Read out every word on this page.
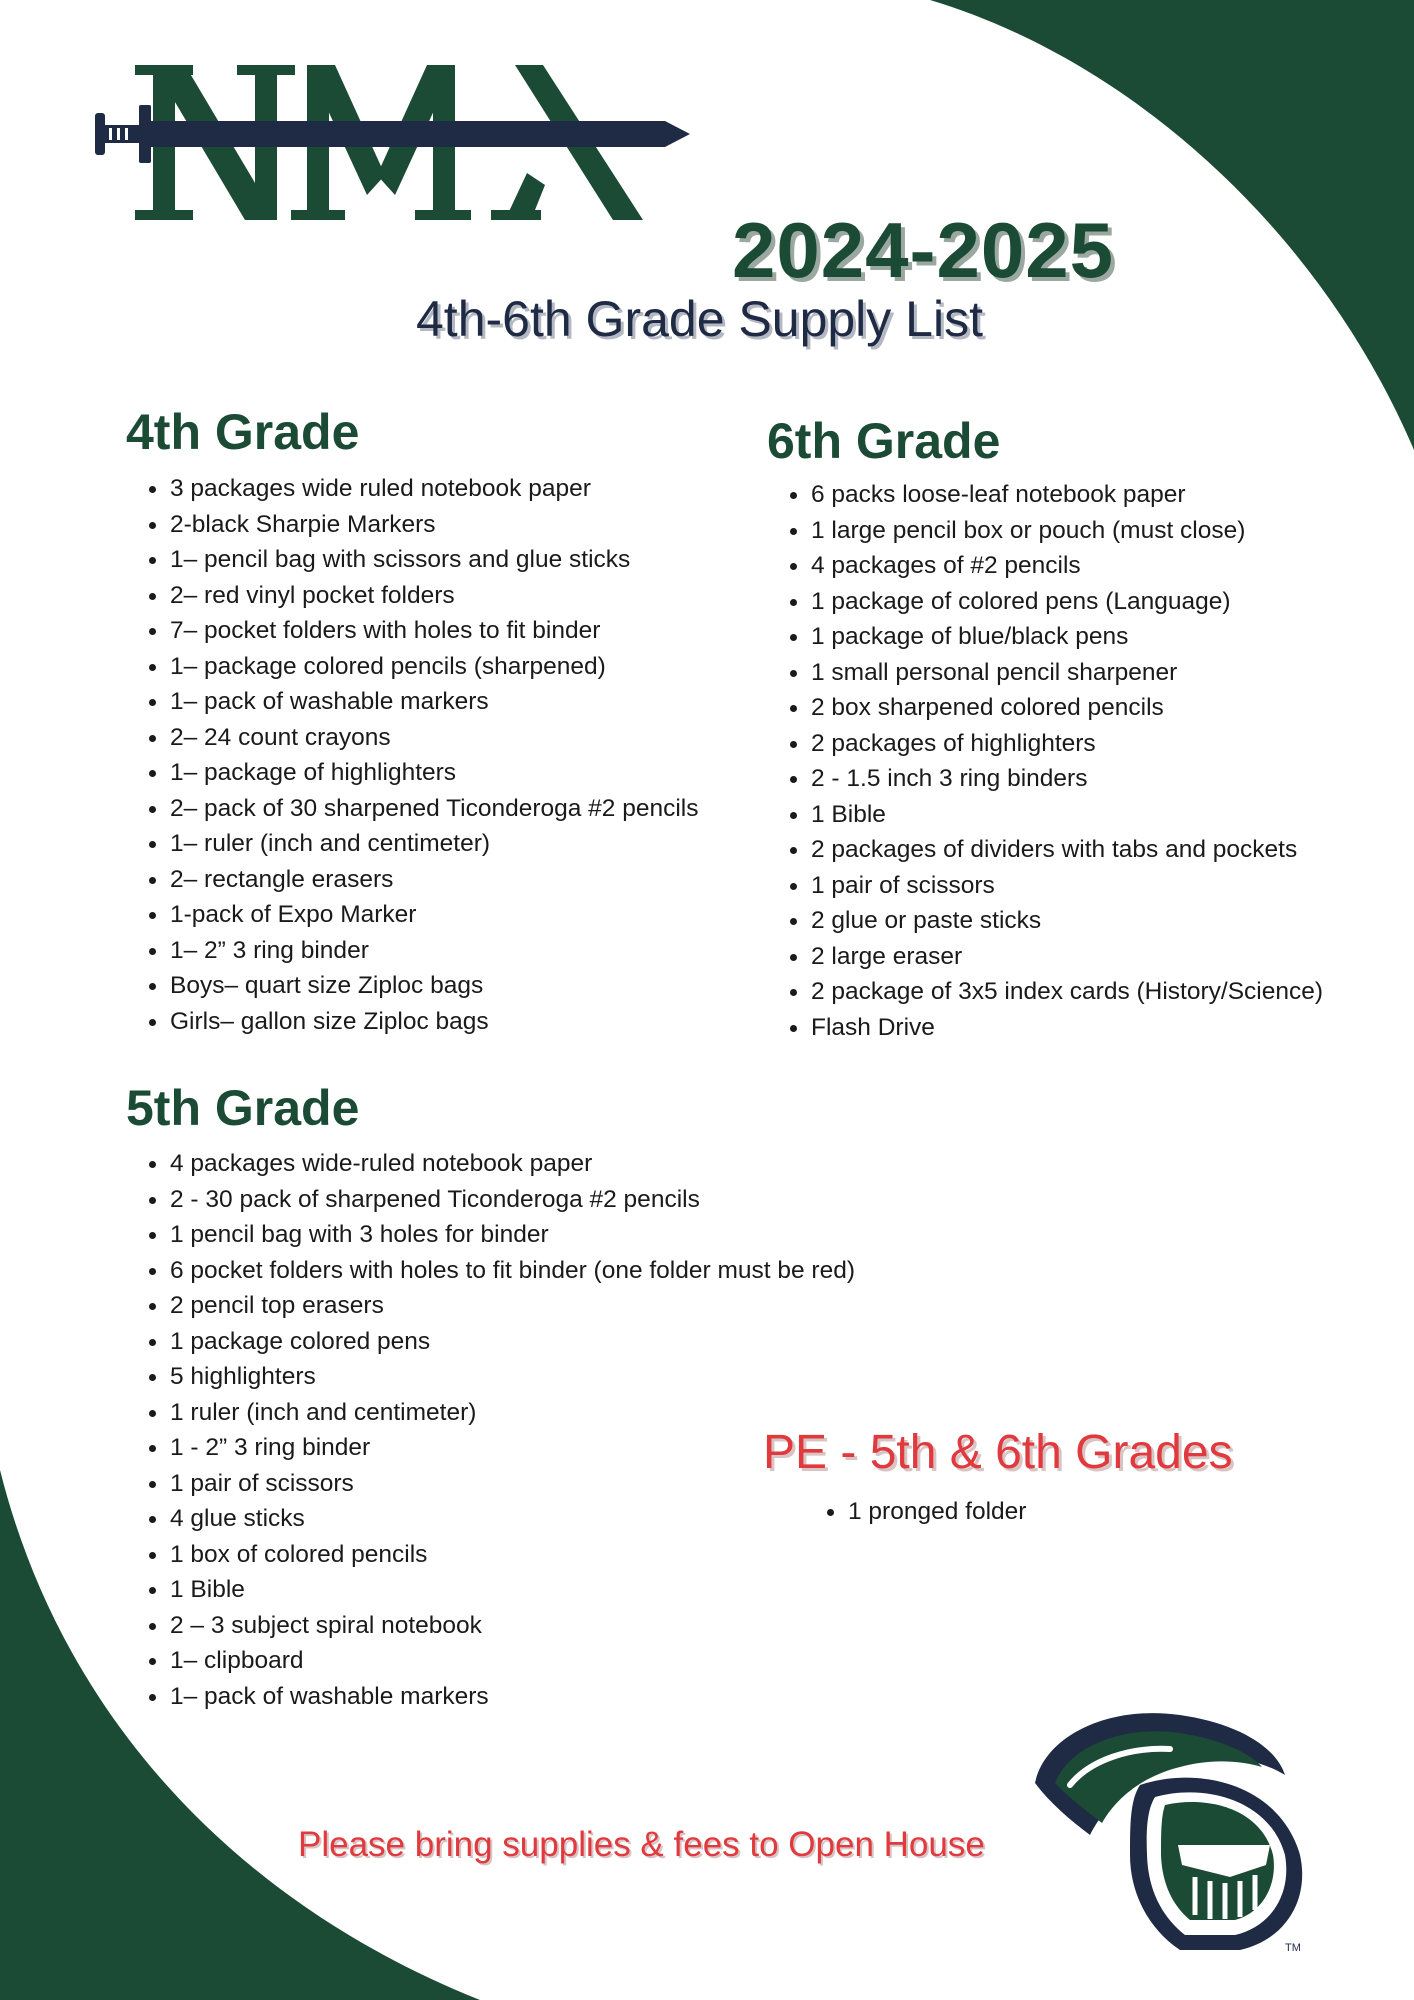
2024-2025
4th-6th Grade Supply List
4th Grade
3 packages wide ruled notebook paper
2-black Sharpie Markers
1– pencil bag with scissors and glue sticks
2– red vinyl pocket folders
7– pocket folders with holes to fit binder
1– package colored pencils (sharpened)
1– pack of washable markers
2– 24 count crayons
1– package of highlighters
2– pack of 30 sharpened Ticonderoga #2 pencils
1– ruler (inch and centimeter)
2– rectangle erasers
1-pack of Expo Marker
1– 2” 3 ring binder
Boys– quart size Ziploc bags
Girls– gallon size Ziploc bags
6th Grade
6 packs loose-leaf notebook paper
1 large pencil box or pouch (must close)
4 packages of #2 pencils
1 package of colored pens (Language)
1 package of blue/black pens
1 small personal pencil sharpener
2 box sharpened colored pencils
2 packages of highlighters
2 - 1.5 inch 3 ring binders
1 Bible
2 packages of dividers with tabs and pockets
1 pair of scissors
2 glue or paste sticks
2 large eraser
2 package of 3x5 index cards (History/Science)
Flash Drive
5th Grade
4 packages wide-ruled notebook paper
2 - 30 pack of sharpened Ticonderoga #2 pencils
1 pencil bag with 3 holes for binder
6 pocket folders with holes to fit binder (one folder must be red)
2 pencil top erasers
1 package colored pens
5 highlighters
1 ruler (inch and centimeter)
1 - 2” 3 ring binder
1 pair of scissors
4 glue sticks
1 box of colored pencils
1 Bible
2 – 3 subject spiral notebook
1– clipboard
1– pack of washable markers
PE - 5th & 6th Grades
1 pronged folder
Please bring supplies & fees to Open House
TM
